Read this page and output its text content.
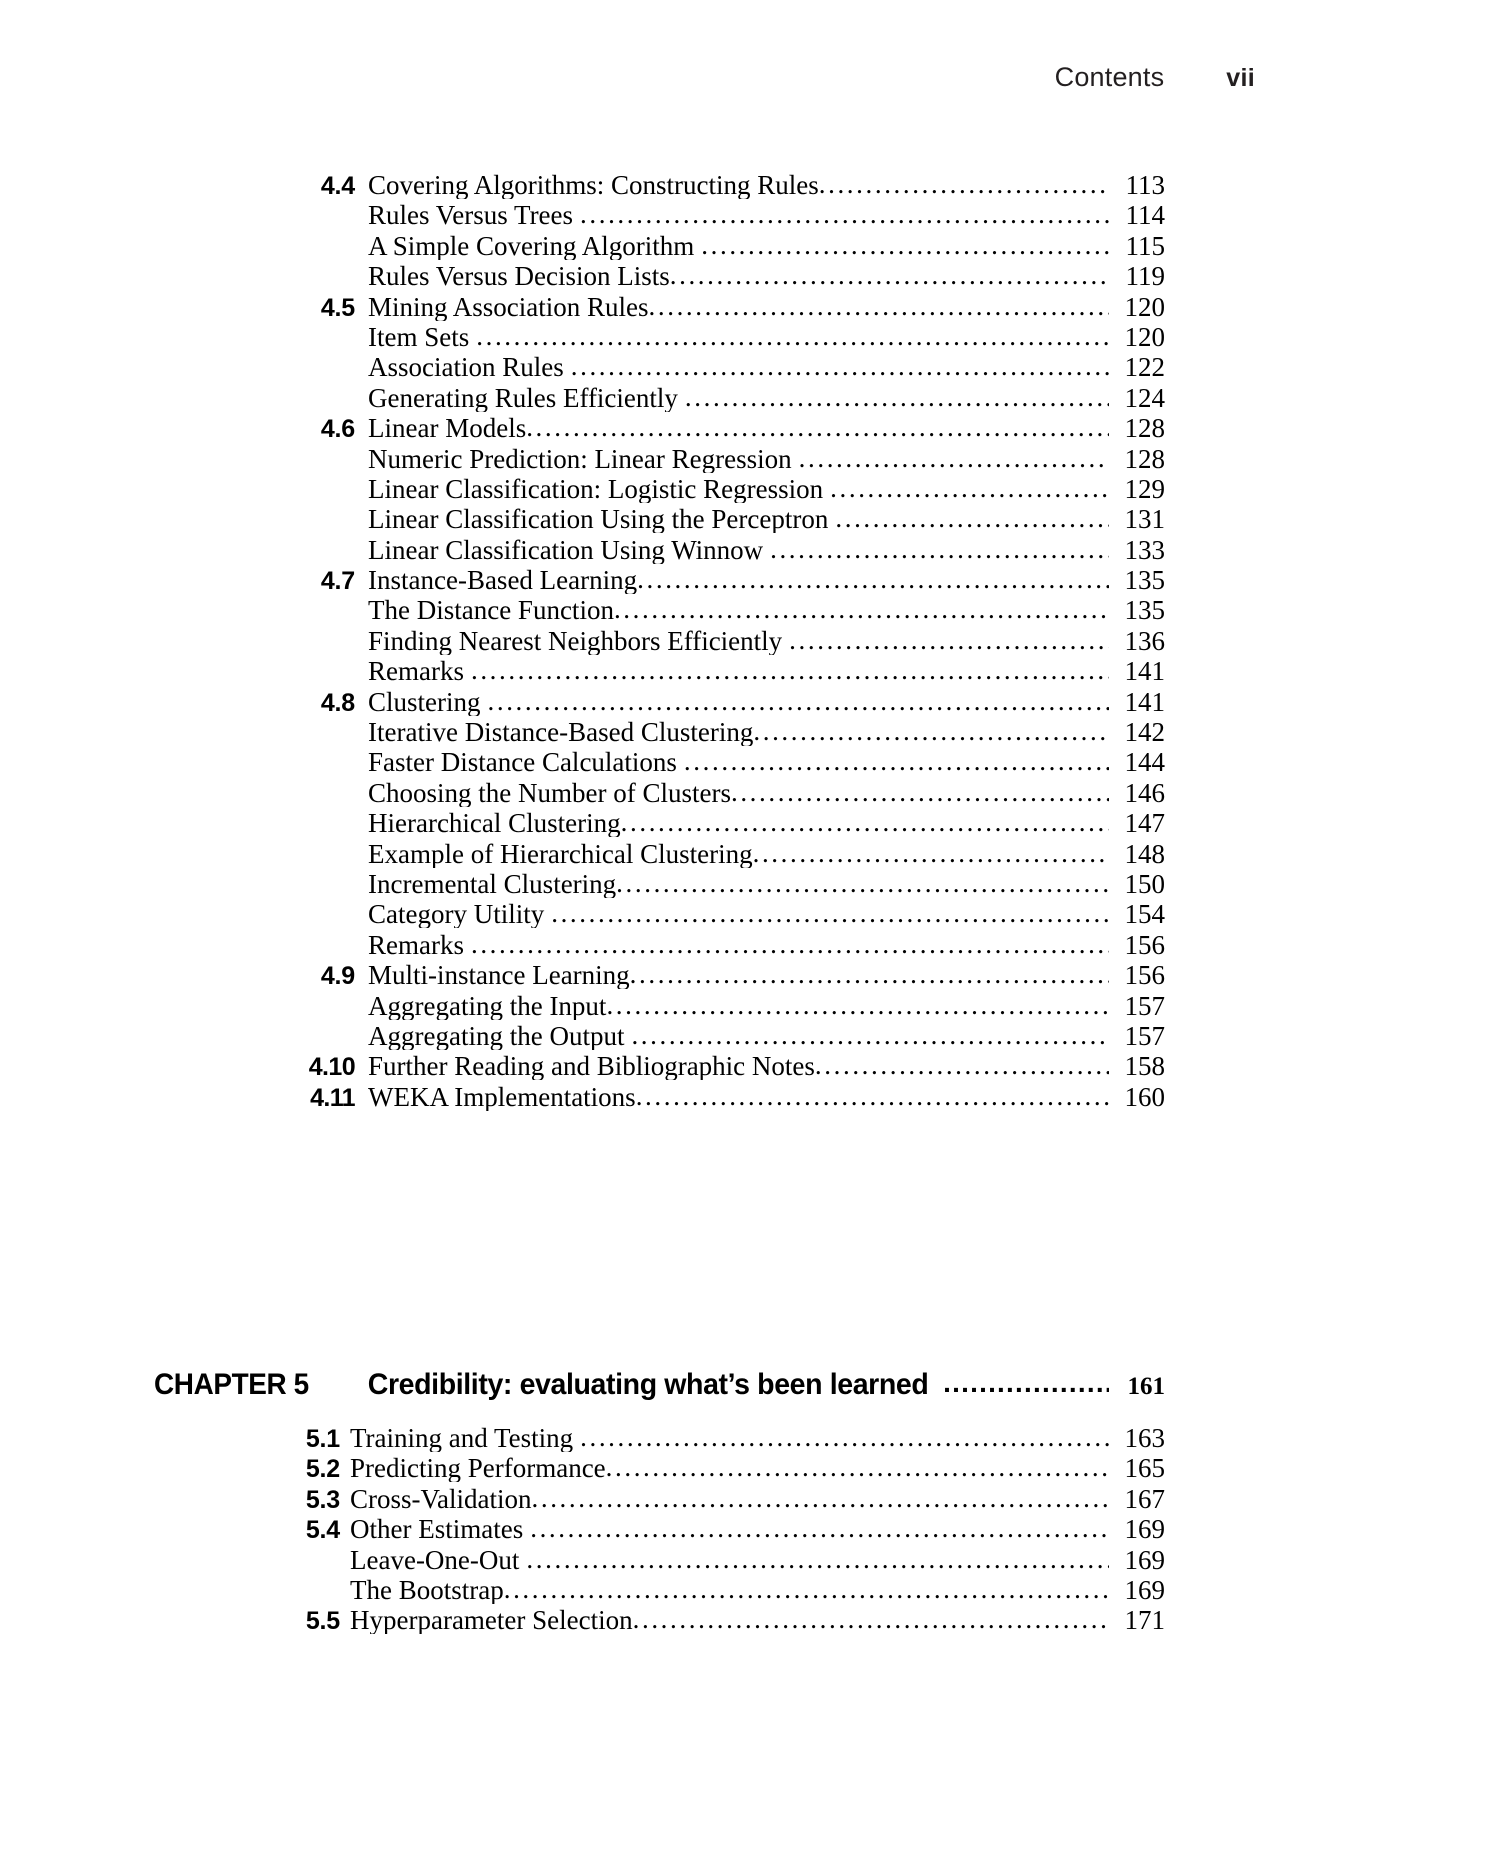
Contents vii
4.4 Covering Algorithms: Constructing Rules .....	113
Rules Versus Trees .....	114
A Simple Covering Algorithm .....	115
Rules Versus Decision Lists .....	119
4.5 Mining Association Rules .....	120
Item Sets .....	120
Association Rules .....	122
Generating Rules Efficiently .....	124
4.6 Linear Models .....	128
Numeric Prediction: Linear Regression .....	128
Linear Classification: Logistic Regression .....	129
Linear Classification Using the Perceptron .....	131
Linear Classification Using Winnow .....	133
4.7 Instance-Based Learning .....	135
The Distance Function .....	135
Finding Nearest Neighbors Efficiently .....	136
Remarks .....	141
4.8 Clustering .....	141
Iterative Distance-Based Clustering .....	142
Faster Distance Calculations .....	144
Choosing the Number of Clusters .....	146
Hierarchical Clustering .....	147
Example of Hierarchical Clustering .....	148
Incremental Clustering .....	150
Category Utility .....	154
Remarks .....	156
4.9 Multi-instance Learning .....	156
Aggregating the Input .....	157
Aggregating the Output .....	157
4.10 Further Reading and Bibliographic Notes .....	158
4.11 WEKA Implementations .....	160
CHAPTER 5 Credibility: evaluating what’s been learned .....	161
5.1 Training and Testing .....	163
5.2 Predicting Performance .....	165
5.3 Cross-Validation .....	167
5.4 Other Estimates .....	169
Leave-One-Out .....	169
The Bootstrap .....	169
5.5 Hyperparameter Selection .....	171
